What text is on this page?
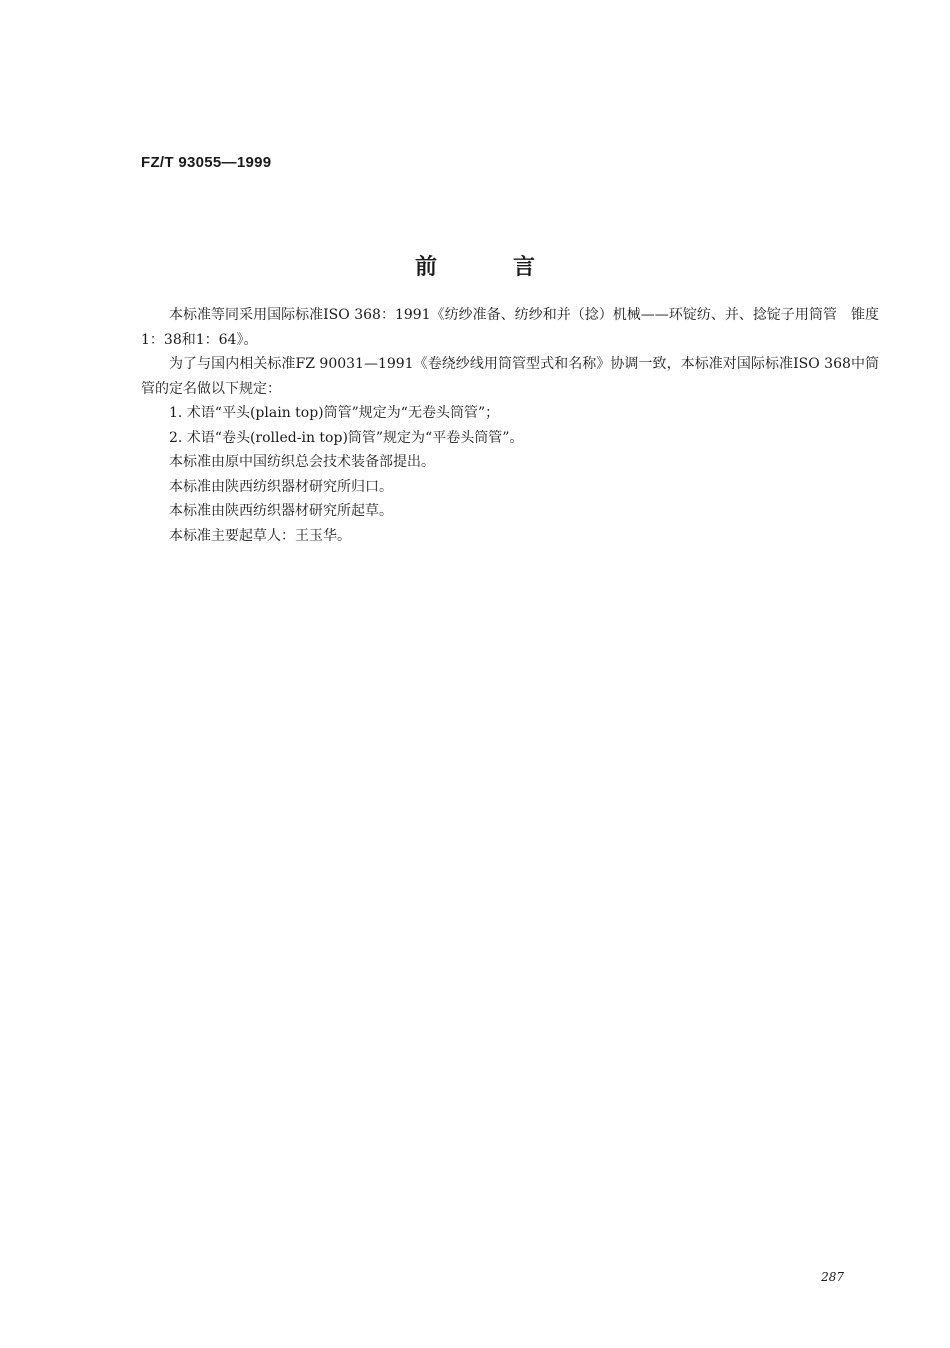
FZ/T 93055—1999
前	言

本标准等同采用国际标准ISO 368：1991《纺纱准备、纺纱和并（捻）机械——环锭纺、并、捻锭子用筒管　锥度1：38和1：64》。

为了与国内相关标准FZ 90031—1991《卷绕纱线用筒管型式和名称》协调一致，本标准对国际标准ISO 368中筒管的定名做以下规定：

1. 术语“平头(plain top)筒管”规定为“无卷头筒管”；

2. 术语“卷头(rolled-in top)筒管”规定为“平卷头筒管”。

本标准由原中国纺织总会技术装备部提出。

本标准由陕西纺织器材研究所归口。

本标准由陕西纺织器材研究所起草。

本标准主要起草人：王玉华。

287
